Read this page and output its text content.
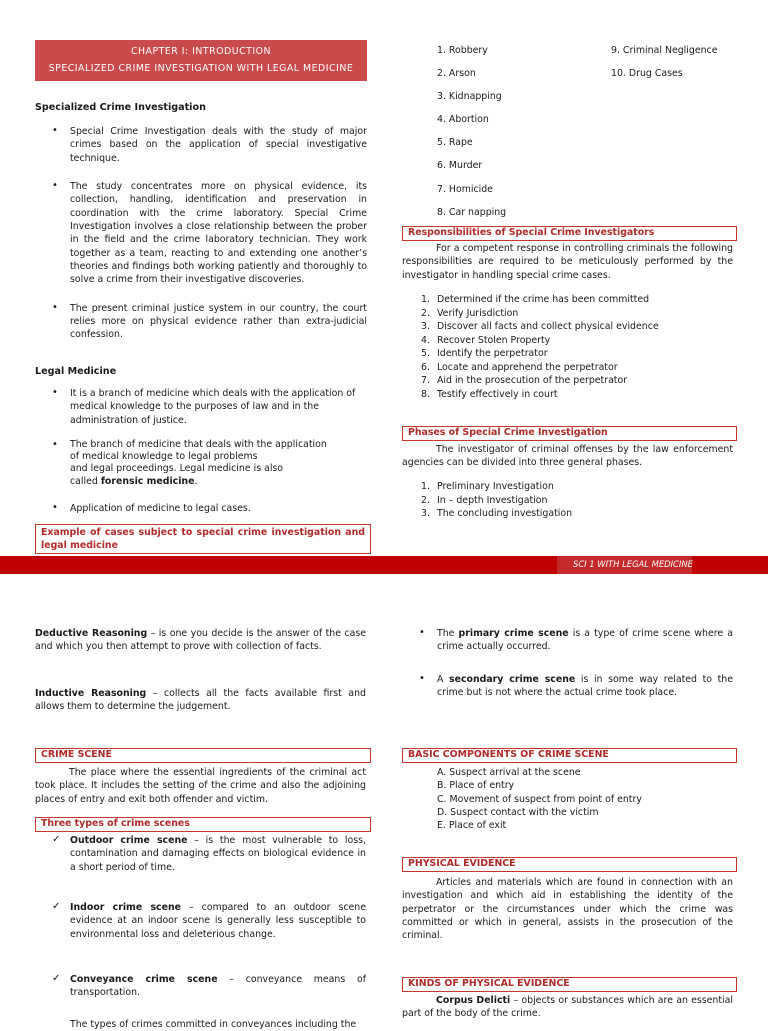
CHAPTER I: INTRODUCTION
SPECIALIZED CRIME INVESTIGATION WITH LEGAL MEDICINE
Specialized Crime Investigation
• Special Crime Investigation deals with the study of major crimes based on the application of special investigative technique.
• The study concentrates more on physical evidence, its collection, handling, identification and preservation in coordination with the crime laboratory. Special Crime Investigation involves a close relationship between the prober in the field and the crime laboratory technician. They work together as a team, reacting to and extending one another’s theories and findings both working patiently and thoroughly to solve a crime from their investigative discoveries.
• The present criminal justice system in our country, the court relies more on physical evidence rather than extra-judicial confession.
Legal Medicine
• It is a branch of medicine which deals with the application of medical knowledge to the purposes of law and in the administration of justice.
• The branch of medicine that deals with the application
of medical knowledge to legal problems
and legal proceedings. Legal medicine is also
called forensic medicine.
• Application of medicine to legal cases.
Example of cases subject to special crime investigation and legal medicine
1. Robbery
2. Arson
3. Kidnapping
4. Abortion
5. Rape
6. Murder
7. Homicide
8. Car napping
9. Criminal Negligence
10. Drug Cases
Responsibilities of Special Crime Investigators
For a competent response in controlling criminals the following responsibilities are required to be meticulously performed by the investigator in handling special crime cases.
1. Determined if the crime has been committed
2. Verify Jurisdiction
3. Discover all facts and collect physical evidence
4. Recover Stolen Property
5. Identify the perpetrator
6. Locate and apprehend the perpetrator
7. Aid in the prosecution of the perpetrator
8. Testify effectively in court
Phases of Special Crime Investigation
The investigator of criminal offenses by the law enforcement agencies can be divided into three general phases.
1. Preliminary Investigation
2. In – depth Investigation
3. The concluding investigation
SCI 1 WITH LEGAL MEDICINE
Deductive Reasoning – is one you decide is the answer of the case and which you then attempt to prove with collection of facts.
Inductive Reasoning – collects all the facts available first and allows them to determine the judgement.
CRIME SCENE
The place where the essential ingredients of the criminal act took place. It includes the setting of the crime and also the adjoining places of entry and exit both offender and victim.
Three types of crime scenes
✓ Outdoor crime scene – is the most vulnerable to loss, contamination and damaging effects on biological evidence in a short period of time.
✓ Indoor crime scene – compared to an outdoor scene evidence at an indoor scene is generally less susceptible to environmental loss and deleterious change.
✓ Conveyance crime scene – conveyance means of transportation.
The types of crimes committed in conveyances including the
• The primary crime scene is a type of crime scene where a crime actually occurred.
• A secondary crime scene is in some way related to the crime but is not where the actual crime took place.
BASIC COMPONENTS OF CRIME SCENE
A. Suspect arrival at the scene
B. Place of entry
C. Movement of suspect from point of entry
D. Suspect contact with the victim
E. Place of exit
PHYSICAL EVIDENCE
Articles and materials which are found in connection with an investigation and which aid in establishing the identity of the perpetrator or the circumstances under which the crime was committed or which in general, assists in the prosecution of the criminal.
KINDS OF PHYSICAL EVIDENCE
Corpus Delicti – objects or substances which are an essential part of the body of the crime.
